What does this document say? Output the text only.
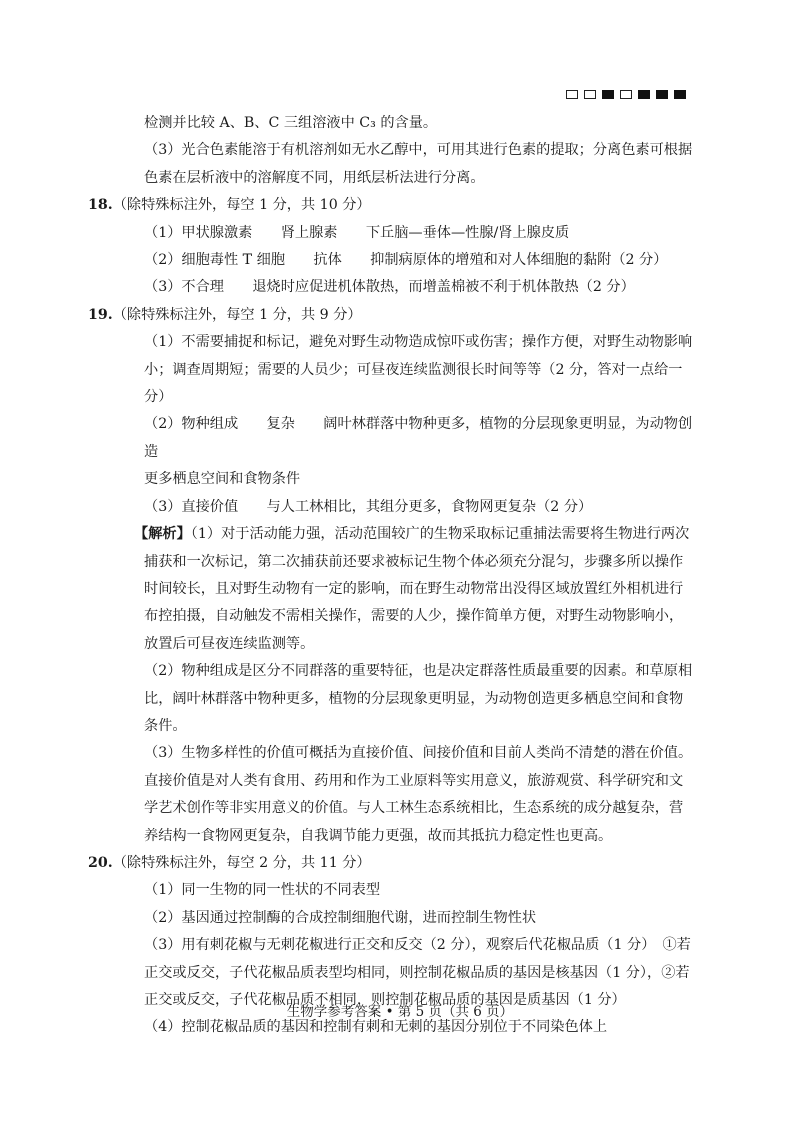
检测并比较 A、B、C 三组溶液中 C₃ 的含量。

（3）光合色素能溶于有机溶剂如无水乙醇中，可用其进行色素的提取；分离色素可根据

色素在层析液中的溶解度不同，用纸层析法进行分离。

18.（除特殊标注外，每空 1 分，共 10 分）

（1）甲状腺激素　　肾上腺素　　下丘脑—垂体—性腺/肾上腺皮质

（2）细胞毒性 T 细胞　　抗体　　抑制病原体的增殖和对人体细胞的黏附（2 分）

（3）不合理　　退烧时应促进机体散热，而增盖棉被不利于机体散热（2 分）

19.（除特殊标注外，每空 1 分，共 9 分）

（1）不需要捕捉和标记，避免对野生动物造成惊吓或伤害；操作方便，对野生动物影响

小；调查周期短；需要的人员少；可昼夜连续监测很长时间等等（2 分，答对一点给一分）

（2）物种组成　　复杂　　阔叶林群落中物种更多，植物的分层现象更明显，为动物创造

更多栖息空间和食物条件

（3）直接价值　　与人工林相比，其组分更多，食物网更复杂（2 分）

【解析】（1）对于活动能力强，活动范围较广的生物采取标记重捕法需要将生物进行两次

捕获和一次标记，第二次捕获前还要求被标记生物个体必须充分混匀，步骤多所以操作

时间较长，且对野生动物有一定的影响，而在野生动物常出没得区域放置红外相机进行

布控拍摄，自动触发不需相关操作，需要的人少，操作简单方便，对野生动物影响小，

放置后可昼夜连续监测等。

（2）物种组成是区分不同群落的重要特征，也是决定群落性质最重要的因素。和草原相

比，阔叶林群落中物种更多，植物的分层现象更明显，为动物创造更多栖息空间和食物

条件。

（3）生物多样性的价值可概括为直接价值、间接价值和目前人类尚不清楚的潜在价值。

直接价值是对人类有食用、药用和作为工业原料等实用意义，旅游观赏、科学研究和文

学艺术创作等非实用意义的价值。与人工林生态系统相比，生态系统的成分越复杂，营

养结构一食物网更复杂，自我调节能力更强，故而其抵抗力稳定性也更高。

20.（除特殊标注外，每空 2 分，共 11 分）

（1）同一生物的同一性状的不同表型

（2）基因通过控制酶的合成控制细胞代谢，进而控制生物性状

（3）用有刺花椒与无刺花椒进行正交和反交（2 分），观察后代花椒品质（1 分）　①若

正交或反交，子代花椒品质表型均相同，则控制花椒品质的基因是核基因（1 分），②若

正交或反交，子代花椒品质不相同，则控制花椒品质的基因是质基因（1 分）

（4）控制花椒品质的基因和控制有刺和无刺的基因分别位于不同染色体上

生物学参考答案 • 第 5 页（共 6 页）
